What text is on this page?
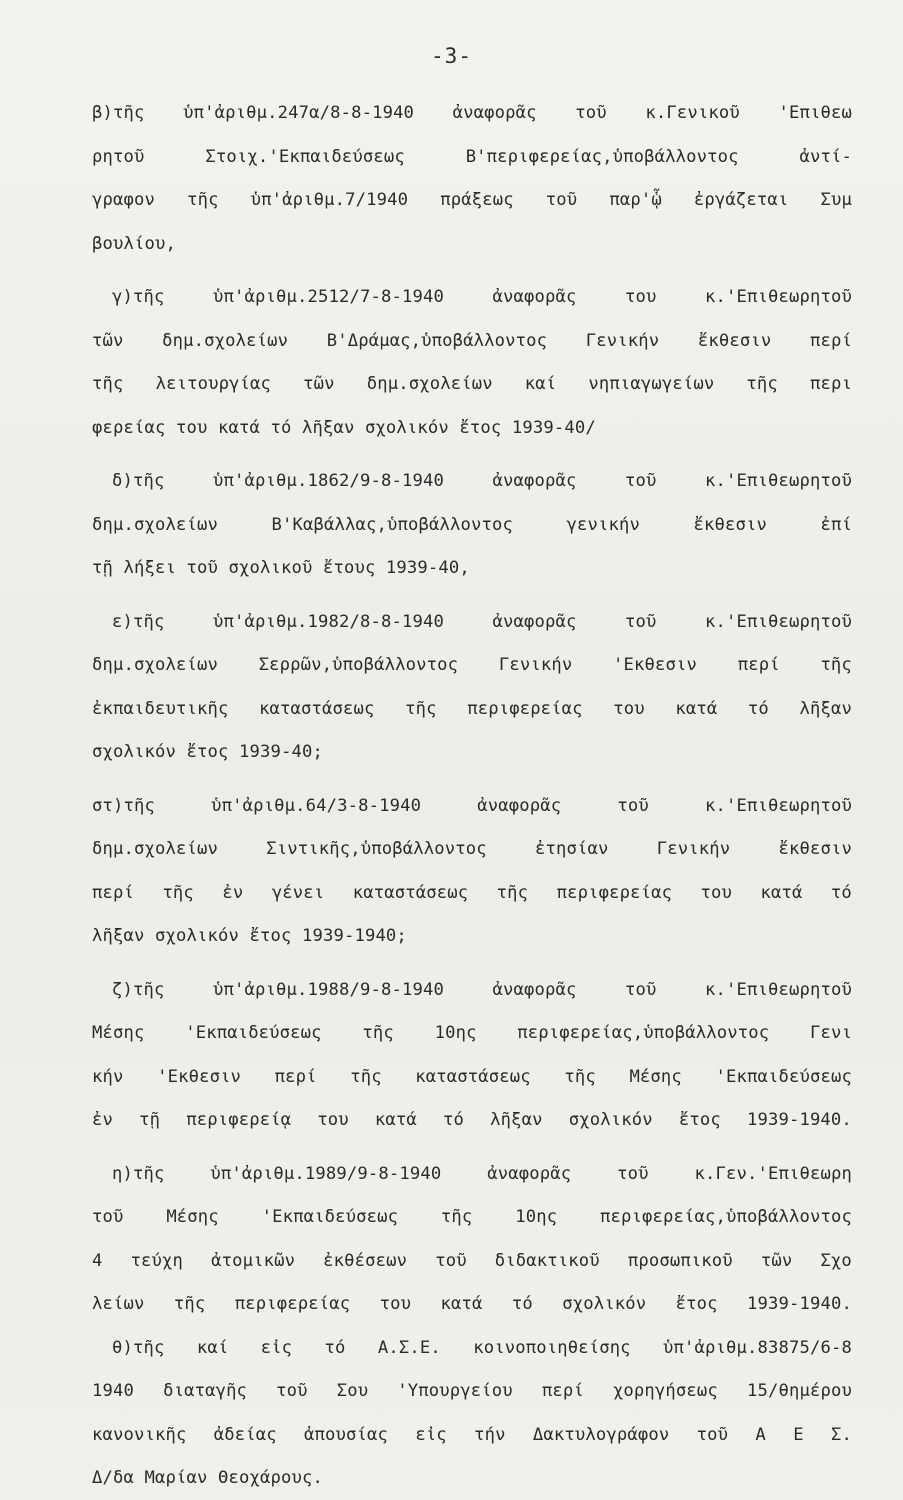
-3-
β)τῆς ὑπ'ἀριθμ.247α/8-8-1940 ἀναφορᾶς τοῦ κ.Γενικοῦ 'Επιθεω
ρητοῦ	Στοιχ.'Εκπαιδεύσεως	Β'περιφερείας,ὑποβάλλοντος	ἀντί-
γραφον τῆς ὑπ'ἀριθμ.7/1940 πράξεως τοῦ παρ'ᾧ ἐργάζεται Συμ
βουλίου,
γ)τῆς	ὑπ'ἀριθμ.2512/7-8-1940	ἀναφορᾶς	του	κ.'Επιθεωρητοῦ
τῶν δημ.σχολείων Β'Δράμας,ὑποβάλλοντος Γενικήν ἔκθεσιν περί
τῆς λειτουργίας τῶν δημ.σχολείων καί νηπιαγωγείων τῆς περι
φερείας του κατά τό λῆξαν σχολικόν ἔτος 1939-40/
δ)τῆς	ὑπ'ἀριθμ.1862/9-8-1940	ἀναφορᾶς	τοῦ	κ.'Επιθεωρητοῦ
δημ.σχολείων	Β'Καβάλλας,ὑποβάλλοντος	γενικήν	ἔκθεσιν	ἐπί
τῇ λήξει τοῦ σχολικοῦ ἔτους 1939-40,
ε)τῆς	ὑπ'ἀριθμ.1982/8-8-1940	ἀναφορᾶς	τοῦ	κ.'Επιθεωρητοῦ
δημ.σχολείων Σερρῶν,ὑποβάλλοντος Γενικήν 'Εκθεσιν περί τῆς
ἐκπαιδευτικῆς καταστάσεως τῆς περιφερείας του κατά τό λῆξαν
σχολικόν ἔτος 1939-40;
στ)τῆς	ὑπ'ἀριθμ.64/3-8-1940	ἀναφορᾶς	τοῦ	κ.'Επιθεωρητοῦ
δημ.σχολείων	Σιντικῆς,ὑποβάλλοντος	ἐτησίαν	Γενικήν	ἔκθεσιν
περί τῆς ἐν γένει καταστάσεως τῆς περιφερείας του κατά τό
λῆξαν σχολικόν ἔτος 1939-1940;
ζ)τῆς	ὑπ'ἀριθμ.1988/9-8-1940	ἀναφορᾶς	τοῦ	κ.'Επιθεωρητοῦ
Μέσης 'Εκπαιδεύσεως τῆς 10ης περιφερείας,ὑποβάλλοντος Γενι
κήν 'Εκθεσιν περί τῆς καταστάσεως τῆς Μέσης 'Εκπαιδεύσεως
ἐν τῇ περιφερείᾳ του κατά τό λῆξαν σχολικόν ἔτος 1939-1940.
η)τῆς	ὑπ'ἀριθμ.1989/9-8-1940	ἀναφορᾶς	τοῦ	κ.Γεν.'Επιθεωρη
τοῦ Μέσης 'Εκπαιδεύσεως τῆς 10ης περιφερείας,ὑποβάλλοντος
4 τεύχη ἀτομικῶν ἐκθέσεων τοῦ διδακτικοῦ προσωπικοῦ τῶν Σχο
λείων τῆς περιφερείας του κατά τό σχολικόν ἔτος 1939-1940.
θ)τῆς καί εἰς τό Α.Σ.Ε. κοινοποιηθείσης ὑπ'ἀριθμ.83875/6-8
1940 διαταγῆς τοῦ Σου 'Υπουργείου περί χορηγήσεως 15/θημέρου
κανονικῆς ἀδείας ἀπουσίας εἰς τήν Δακτυλογράφον τοῦ Α Ε Σ.
Δ/δα Μαρίαν Θεοχάρους.
